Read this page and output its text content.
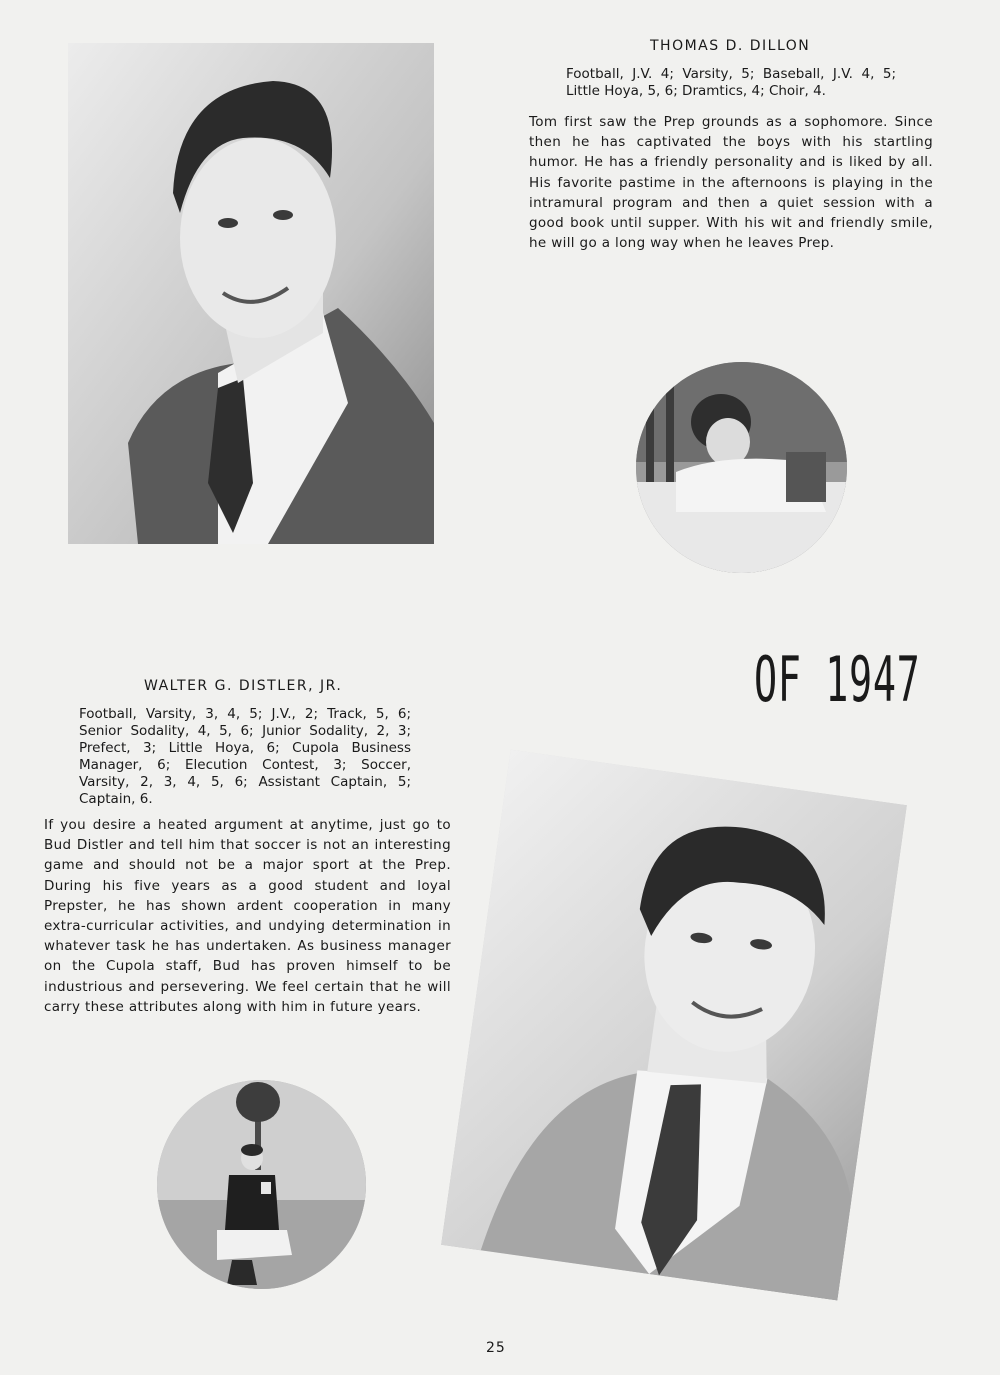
THOMAS D. DILLON

Football, J.V. 4; Varsity, 5; Baseball, J.V. 4, 5; Little Hoya, 5, 6; Dramtics, 4; Choir, 4.

Tom first saw the Prep grounds as a sophomore. Since then he has captivated the boys with his startling humor. He has a friendly personality and is liked by all. His favorite pastime in the afternoons is playing in the intramural program and then a quiet session with a good book until supper. With his wit and friendly smile, he will go a long way when he leaves Prep.

OF 1947
WALTER G. DISTLER, JR.

Football, Varsity, 3, 4, 5; J.V., 2; Track, 5, 6; Senior Sodality, 4, 5, 6; Junior Sodality, 2, 3; Prefect, 3; Little Hoya, 6; Cupola Business Manager, 6; Elecution Contest, 3; Soccer, Varsity, 2, 3, 4, 5, 6; Assistant Captain, 5; Captain, 6.

If you desire a heated argument at anytime, just go to Bud Distler and tell him that soccer is not an interesting game and should not be a major sport at the Prep. During his five years as a good student and loyal Prepster, he has shown ardent cooperation in many extra-curricular activities, and undying determination in whatever task he has undertaken. As business manager on the Cupola staff, Bud has proven himself to be industrious and persevering. We feel certain that he will carry these attributes along with him in future years.

25
